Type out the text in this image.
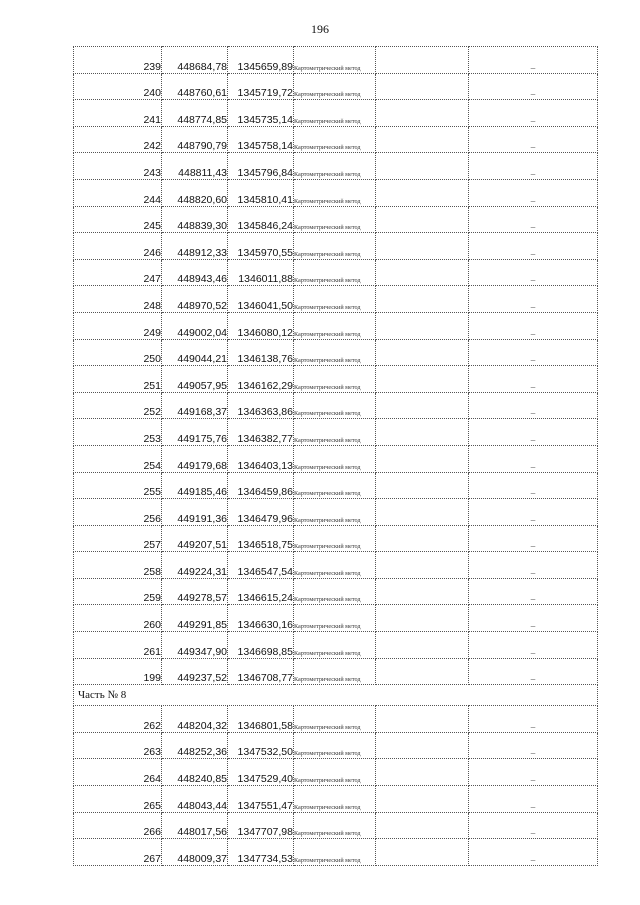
196
239	448684,78	1345659,89	Картометрический метод		–
240	448760,61	1345719,72	Картометрический метод		–
241	448774,85	1345735,14	Картометрический метод		–
242	448790,79	1345758,14	Картометрический метод		–
243	448811,43	1345796,84	Картометрический метод		–
244	448820,60	1345810,41	Картометрический метод		–
245	448839,30	1345846,24	Картометрический метод		–
246	448912,33	1345970,55	Картометрический метод		–
247	448943,46	1346011,88	Картометрический метод		–
248	448970,52	1346041,50	Картометрический метод		–
249	449002,04	1346080,12	Картометрический метод		–
250	449044,21	1346138,76	Картометрический метод		–
251	449057,95	1346162,29	Картометрический метод		–
252	449168,37	1346363,86	Картометрический метод		–
253	449175,76	1346382,77	Картометрический метод		–
254	449179,68	1346403,13	Картометрический метод		–
255	449185,46	1346459,86	Картометрический метод		–
256	449191,36	1346479,96	Картометрический метод		–
257	449207,51	1346518,75	Картометрический метод		–
258	449224,31	1346547,54	Картометрический метод		–
259	449278,57	1346615,24	Картометрический метод		–
260	449291,85	1346630,16	Картометрический метод		–
261	449347,90	1346698,85	Картометрический метод		–
199	449237,52	1346708,77	Картометрический метод		–
Часть № 8					
262	448204,32	1346801,58	Картометрический метод		–
263	448252,36	1347532,50	Картометрический метод		–
264	448240,85	1347529,40	Картометрический метод		–
265	448043,44	1347551,47	Картометрический метод		–
266	448017,56	1347707,98	Картометрический метод		–
267	448009,37	1347734,53	Картометрический метод		–
